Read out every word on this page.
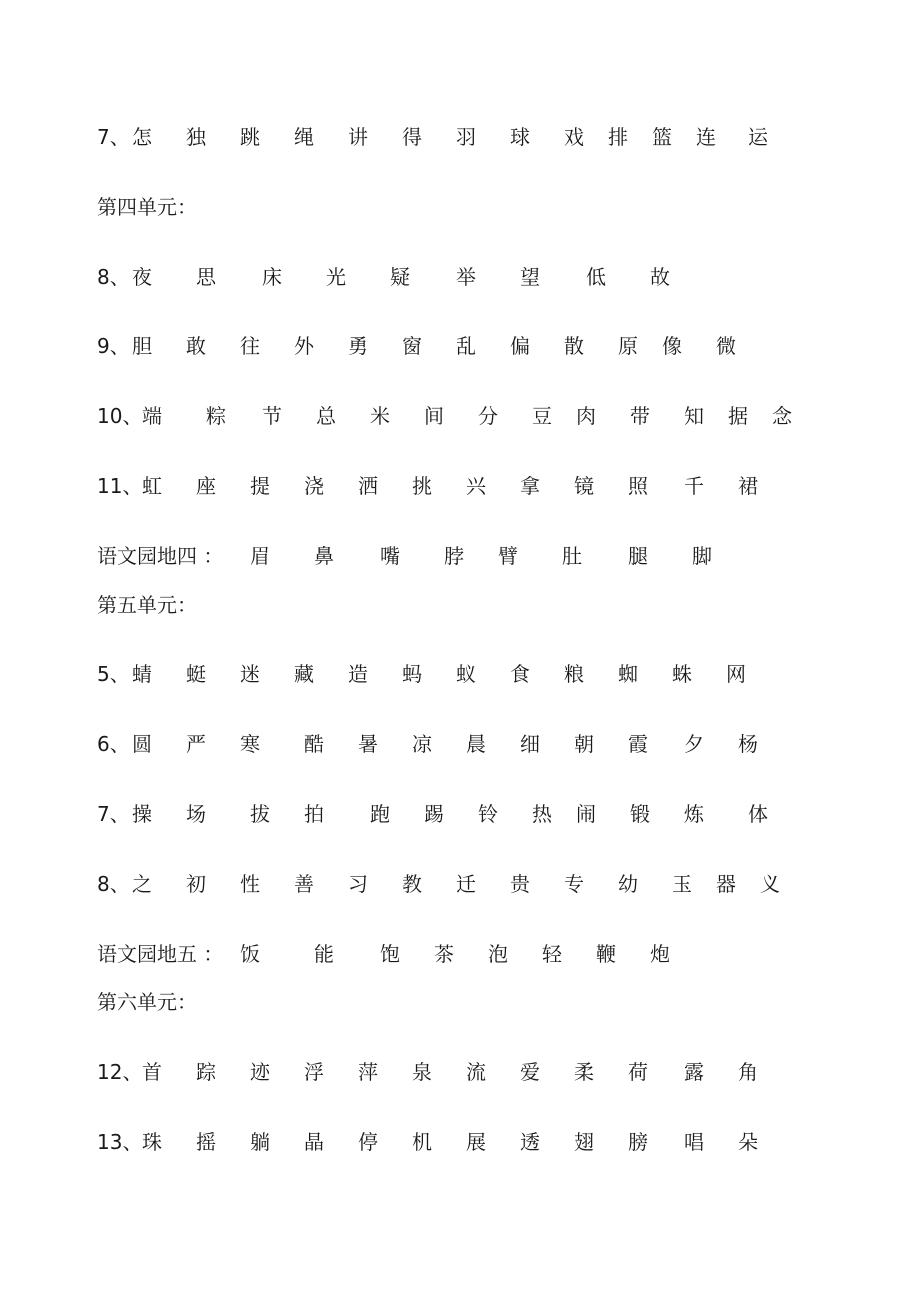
7、 怎 独 跳 绳 讲 得 羽 球 戏 排 篮 连 运
第四单元：
8、 夜 思 床 光 疑 举 望 低 故
9、 胆 敢 往 外 勇 窗 乱 偏 散 原 像 微
10、 端 粽 节 总 米 间 分 豆 肉 带 知 据 念
11、 虹 座 提 浇 洒 挑 兴 拿 镜 照 千 裙
语文园地四 ： 眉 鼻 嘴 脖 臂 肚 腿 脚
第五单元：
5、 蜻 蜓 迷 藏 造 蚂 蚁 食 粮 蜘 蛛 网
6、 圆 严 寒 酷 暑 凉 晨 细 朝 霞 夕 杨
7、 操 场 拔 拍 跑 踢 铃 热 闹 锻 炼 体
8、 之 初 性 善 习 教 迁 贵 专 幼 玉 器 义
语文园地五 ： 饭	能 饱 茶 泡 轻 鞭 炮
第六单元：
12、 首 踪 迹 浮 萍 泉 流 爱 柔 荷 露 角
13、 珠 摇 躺 晶 停 机 展 透 翅 膀 唱 朵
